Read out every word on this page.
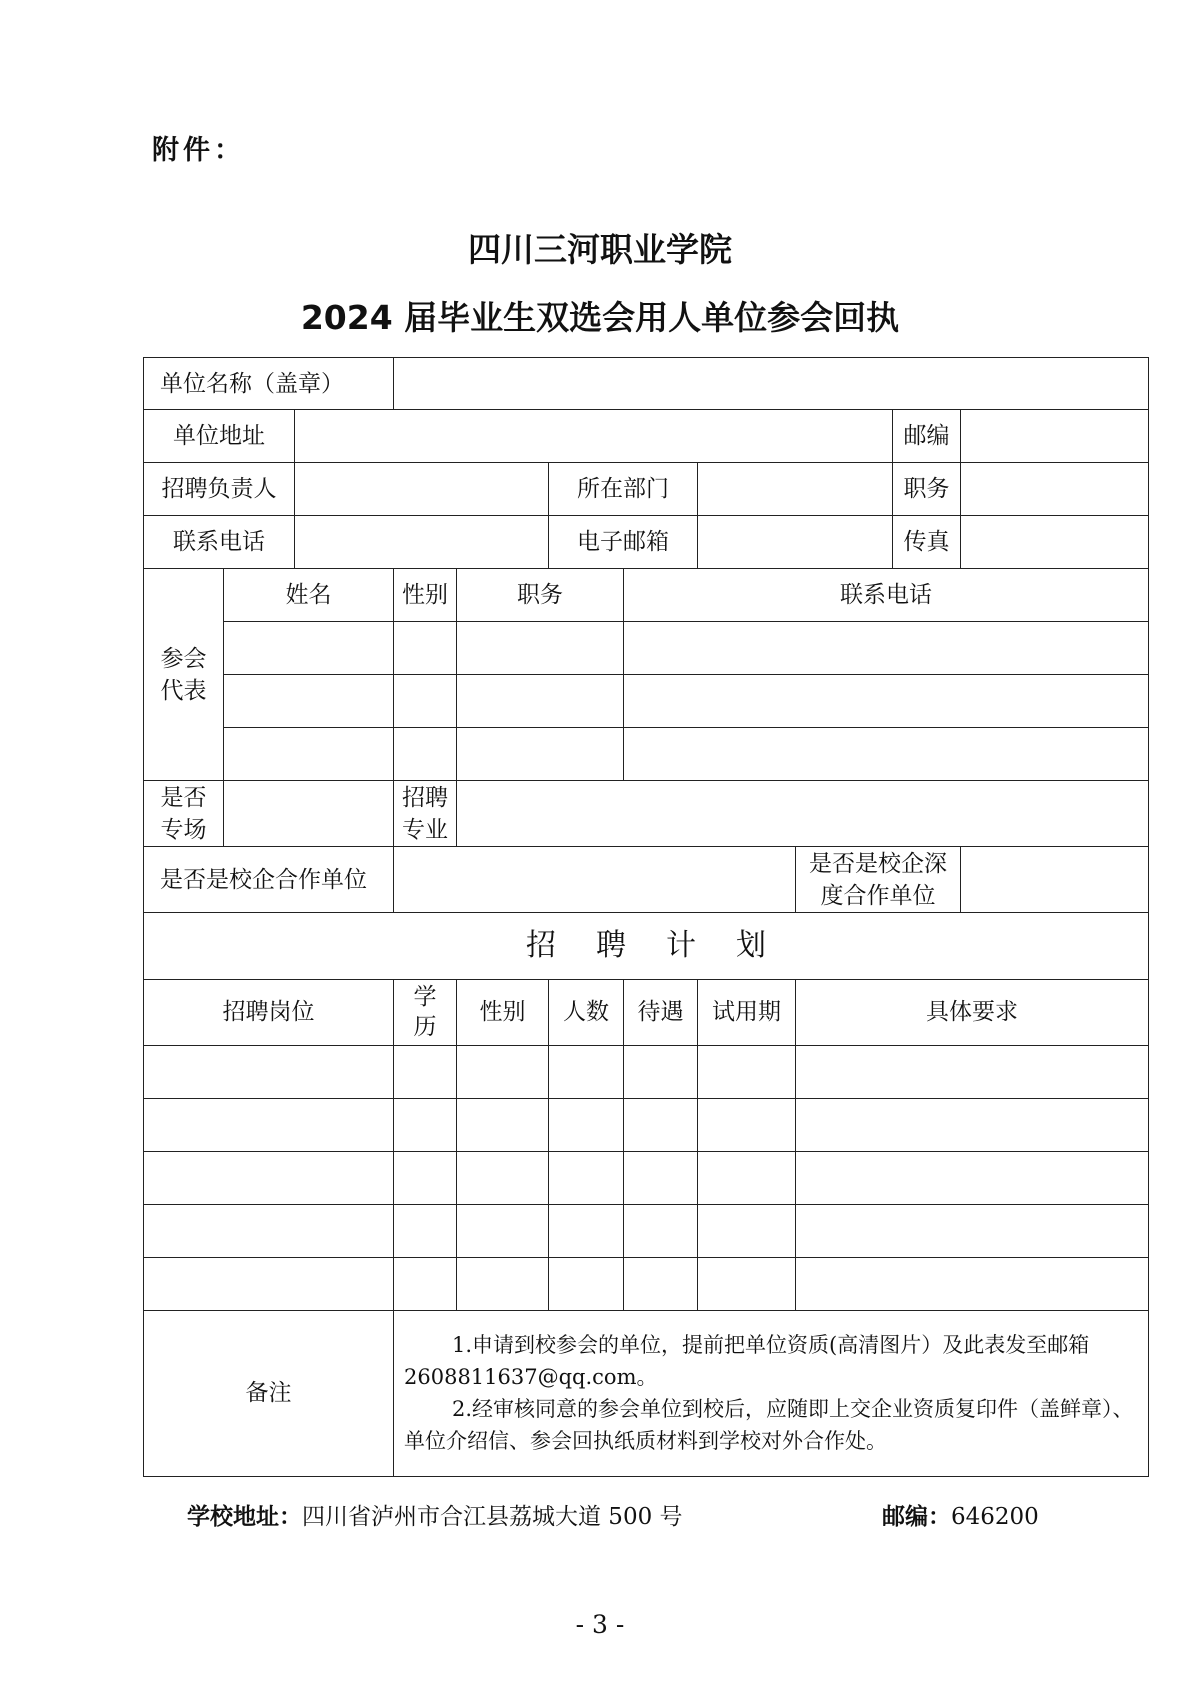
附件：
四川三河职业学院
2024 届毕业生双选会用人单位参会回执
单位名称（盖章）										
单位地址									邮编	
招聘负责人					所在部门				职务	
联系电话					电子邮箱				传真	
参会
代表	姓名		性别	职务		联系电话				

是否
专场			招聘
专业							
是否是校企合作单位								是否是校企深
度合作单位		
招聘计划										
招聘岗位			学历	性别	人数	待遇	试用期	具体要求		

备注			1.申请到校参会的单位，提前把单位资质(高清图片）及此表发至邮箱 2608811637@qq.com。

2.经审核同意的参会单位到校后，应随即上交企业资质复印件（盖鲜章）、单位介绍信、参会回执纸质材料到学校对外合作处。							

学校地址：四川省泸州市合江县荔城大道 500 号	邮编：646200
- 3 -
